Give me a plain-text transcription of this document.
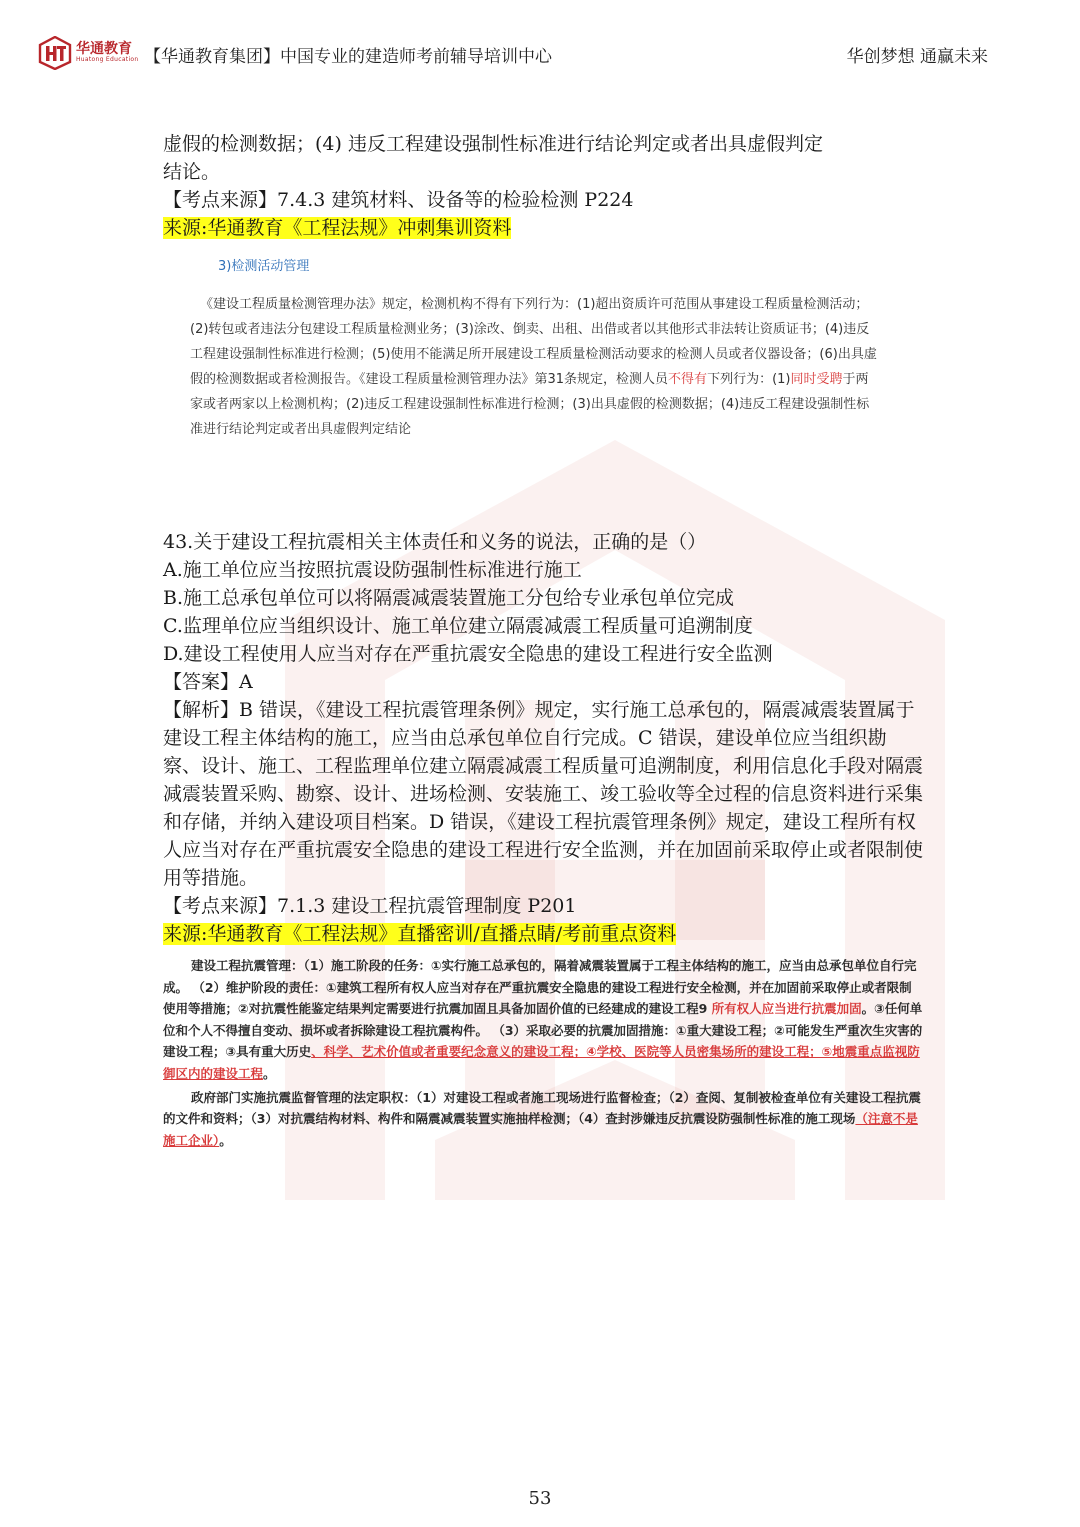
华通教育
Huatong Education 【华通教育集团】中国专业的建造师考前辅导培训中心	华创梦想 通赢未来

虚假的检测数据；(4) 违反工程建设强制性标准进行结论判定或者出具虚假判定

结论。

【考点来源】7.4.3 建筑材料、设备等的检验检测 P224

来源:华通教育《工程法规》冲刺集训资料

3)检测活动管理
《建设工程质量检测管理办法》规定，检测机构不得有下列行为：(1)超出资质许可范围从事建设工程质量检测活动；(2)转包或者违法分包建设工程质量检测业务；(3)涂改、倒卖、出租、出借或者以其他形式非法转让资质证书；(4)违反工程建设强制性标准进行检测；(5)使用不能满足所开展建设工程质量检测活动要求的检测人员或者仪器设备；(6)出具虚假的检测数据或者检测报告。《建设工程质量检测管理办法》第31条规定，检测人员不得有下列行为：(1)同时受聘于两家或者两家以上检测机构；(2)违反工程建设强制性标准进行检测；(3)出具虚假的检测数据；(4)违反工程建设强制性标准进行结论判定或者出具虚假判定结论

43.关于建设工程抗震相关主体责任和义务的说法，正确的是（）

A.施工单位应当按照抗震设防强制性标准进行施工

B.施工总承包单位可以将隔震减震装置施工分包给专业承包单位完成

C.监理单位应当组织设计、施工单位建立隔震减震工程质量可追溯制度

D.建设工程使用人应当对存在严重抗震安全隐患的建设工程进行安全监测

【答案】A

【解析】B 错误，《建设工程抗震管理条例》规定，实行施工总承包的，隔震减震装置属于建设工程主体结构的施工，应当由总承包单位自行完成。C 错误，建设单位应当组织勘察、设计、施工、工程监理单位建立隔震减震工程质量可追溯制度，利用信息化手段对隔震减震装置采购、勘察、设计、进场检测、安装施工、竣工验收等全过程的信息资料进行采集和存储，并纳入建设项目档案。D 错误，《建设工程抗震管理条例》规定，建设工程所有权人应当对存在严重抗震安全隐患的建设工程进行安全监测，并在加固前采取停止或者限制使用等措施。

【考点来源】7.1.3 建设工程抗震管理制度 P201

来源:华通教育《工程法规》直播密训/直播点睛/考前重点资料

建设工程抗震管理：（1）施工阶段的任务：①实行施工总承包的，隔着减震装置属于工程主体结构的施工，应当由总承包单位自行完成。 （2）维护阶段的责任：①建筑工程所有权人应当对存在严重抗震安全隐患的建设工程进行安全检测，并在加固前采取停止或者限制使用等措施；②对抗震性能鉴定结果判定需要进行抗震加固且具备加固价值的已经建成的建设工程9 所有权人应当进行抗震加固。③任何单位和个人不得擅自变动、损坏或者拆除建设工程抗震构件。 （3）采取必要的抗震加固措施：①重大建设工程；②可能发生严重次生灾害的建设工程；③具有重大历史、科学、艺术价值或者重要纪念意义的建设工程；④学校、医院等人员密集场所的建设工程；⑤地震重点监视防御区内的建设工程。

政府部门实施抗震监督管理的法定职权：（1）对建设工程或者施工现场进行监督检查；（2）查阅、复制被检查单位有关建设工程抗震的文件和资料；（3）对抗震结构材料、构件和隔震减震装置实施抽样检测；（4）查封涉嫌违反抗震设防强制性标准的施工现场（注意不是施工企业）。

53
